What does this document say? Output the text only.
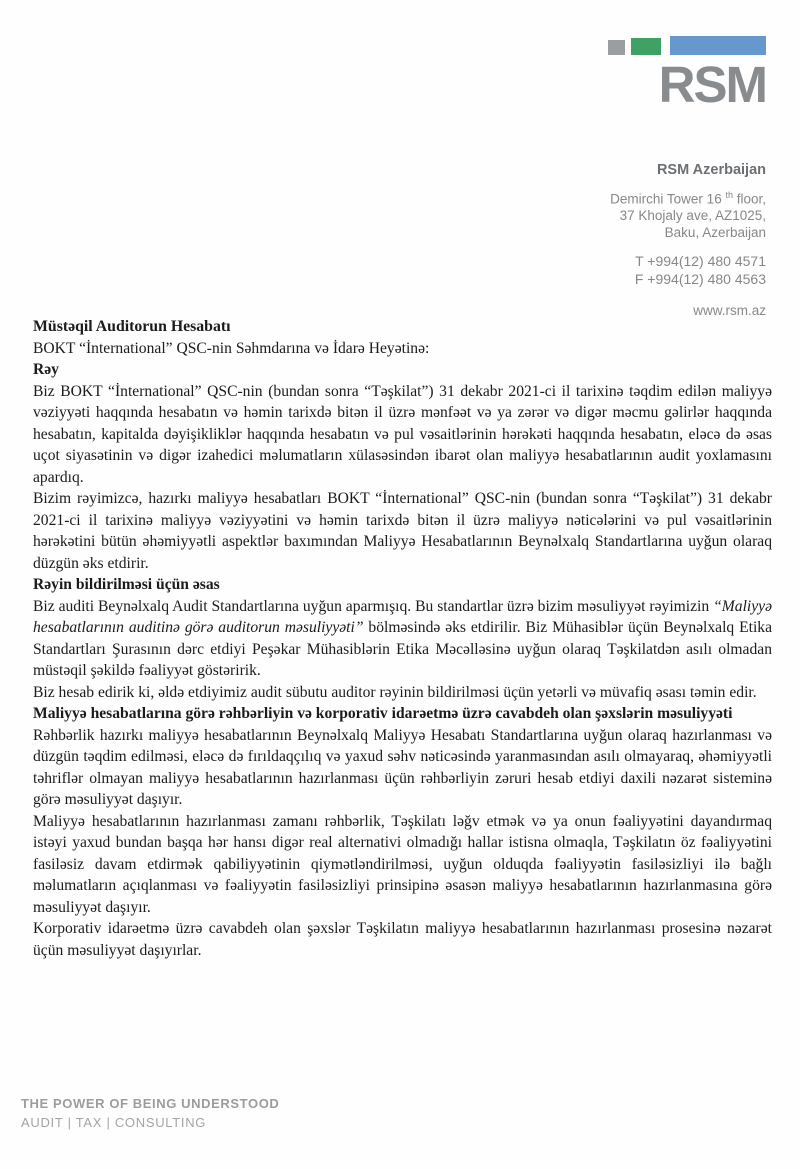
RSM
RSM Azerbaijan
Demirchi Tower 16 $^{th}$ floor,
37 Khojaly ave, AZ1025,
Baku, Azerbaijan
T +994(12) 480 4571
F +994(12) 480 4563
www.rsm.az
Müstəqil Auditorun Hesabatı

BOKT “İnternational” QSC-nin Səhmdarına və İdarə Heyətinə:

Rəy

Biz BOKT “İnternational” QSC-nin (bundan sonra “Təşkilat”) 31 dekabr 2021-ci il tarixinə təqdim edilən maliyyə vəziyyəti haqqında hesabatın və həmin tarixdə bitən il üzrə mənfəət və ya zərər və digər məcmu gəlirlər haqqında hesabatın, kapitalda dəyişikliklər haqqında hesabatın və pul vəsaitlərinin hərəkəti haqqında hesabatın, eləcə də əsas uçot siyasətinin və digər izahedici məlumatların xülasəsindən ibarət olan maliyyə hesabatlarının audit yoxlamasını apardıq.

Bizim rəyimizcə, hazırkı maliyyə hesabatları BOKT “İnternational” QSC-nin (bundan sonra “Təşkilat”) 31 dekabr 2021-ci il tarixinə maliyyə vəziyyətini və həmin tarixdə bitən il üzrə maliyyə nəticələrini və pul vəsaitlərinin hərəkətini bütün əhəmiyyətli aspektlər baxımından Maliyyə Hesabatlarının Beynəlxalq Standartlarına uyğun olaraq düzgün əks etdirir.

Rəyin bildirilməsi üçün əsas

Biz auditi Beynəlxalq Audit Standartlarına uyğun aparmışıq. Bu standartlar üzrə bizim məsuliyyət rəyimizin “Maliyyə hesabatlarının auditinə görə auditorun məsuliyyəti” bölməsində əks etdirilir. Biz Mühasiblər üçün Beynəlxalq Etika Standartları Şurasının dərc etdiyi Peşəkar Mühasiblərin Etika Məcəlləsinə uyğun olaraq Təşkilatdən asılı olmadan müstəqil şəkildə fəaliyyət göstəririk.

Biz hesab edirik ki, əldə etdiyimiz audit sübutu auditor rəyinin bildirilməsi üçün yetərli və müvafiq əsası təmin edir.

Maliyyə hesabatlarına görə rəhbərliyin və korporativ idarəetmə üzrə cavabdeh olan şəxslərin məsuliyyəti

Rəhbərlik hazırkı maliyyə hesabatlarının Beynəlxalq Maliyyə Hesabatı Standartlarına uyğun olaraq hazırlanması və düzgün təqdim edilməsi, eləcə də fırıldaqçılıq və yaxud səhv nəticəsində yaranmasından asılı olmayaraq, əhəmiyyətli təhriflər olmayan maliyyə hesabatlarının hazırlanması üçün rəhbərliyin zəruri hesab etdiyi daxili nəzarət sisteminə görə məsuliyyət daşıyır.

Maliyyə hesabatlarının hazırlanması zamanı rəhbərlik, Təşkilatı ləğv etmək və ya onun fəaliyyətini dayandırmaq istəyi yaxud bundan başqa hər hansı digər real alternativi olmadığı hallar istisna olmaqla, Təşkilatın öz fəaliyyətini fasiləsiz davam etdirmək qabiliyyətinin qiymətləndirilməsi, uyğun olduqda fəaliyyətin fasiləsizliyi ilə bağlı məlumatların açıqlanması və fəaliyyətin fasiləsizliyi prinsipinə əsasən maliyyə hesabatlarının hazırlanmasına görə məsuliyyət daşıyır.

Korporativ idarəetmə üzrə cavabdeh olan şəxslər Təşkilatın maliyyə hesabatlarının hazırlanması prosesinə nəzarət üçün məsuliyyət daşıyırlar.

THE POWER OF BEING UNDERSTOOD
AUDIT | TAX | CONSULTING
